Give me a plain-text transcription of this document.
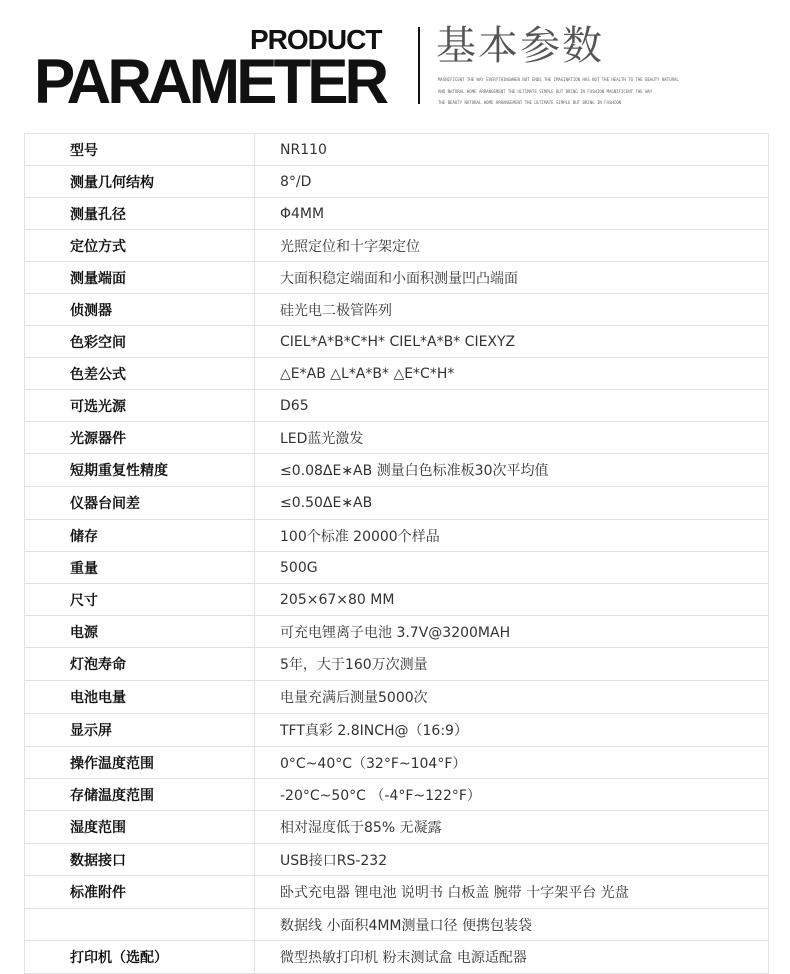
PRODUCT
PARAMETER
基本参数
MAGNIFICENT THE WAY EVERYTHINGWHEN NOT ENDS THE IMAGINATION HAS NOT THE HEALTH TO THE BEAUTY NATURAL
AND NATURAL HOME ARRANGEMENT THE ULTIMATE SIMPLE BUT BRING IN FASHION MAGNIFICENT THE WAY
THE BEAUTY NATURAL HOME ARRANGEMENT THE ULTIMATE SIMPLE BUT BRING IN FASHION
型号	NR110
测量几何结构	8°/D
测量孔径	Φ4MM
定位方式	光照定位和十字架定位
测量端面	大面积稳定端面和小面积测量凹凸端面
侦测器	硅光电二极管阵列
色彩空间	CIEL*A*B*C*H* CIEL*A*B* CIEXYZ
色差公式	△E*AB △L*A*B* △E*C*H*
可选光源	D65
光源器件	LED蓝光激发
短期重复性精度	≤0.08ΔE∗AB 测量白色标准板30次平均值
仪器台间差	≤0.50ΔE∗AB
储存	100个标准 20000个样品
重量	500G
尺寸	205×67×80 MM
电源	可充电锂离子电池 3.7V@3200MAH
灯泡寿命	5年，大于160万次测量
电池电量	电量充满后测量5000次
显示屏	TFT真彩 2.8INCH@（16:9）
操作温度范围	0°C~40°C（32°F~104°F）
存储温度范围	-20°C~50°C （-4°F~122°F）
湿度范围	相对湿度低于85% 无凝露
数据接口	USB接口RS-232
标准附件	卧式充电器 锂电池 说明书 白板盖 腕带 十字架平台 光盘
	数据线 小面积4MM测量口径 便携包装袋
打印机（选配）	微型热敏打印机 粉末测试盒 电源适配器
